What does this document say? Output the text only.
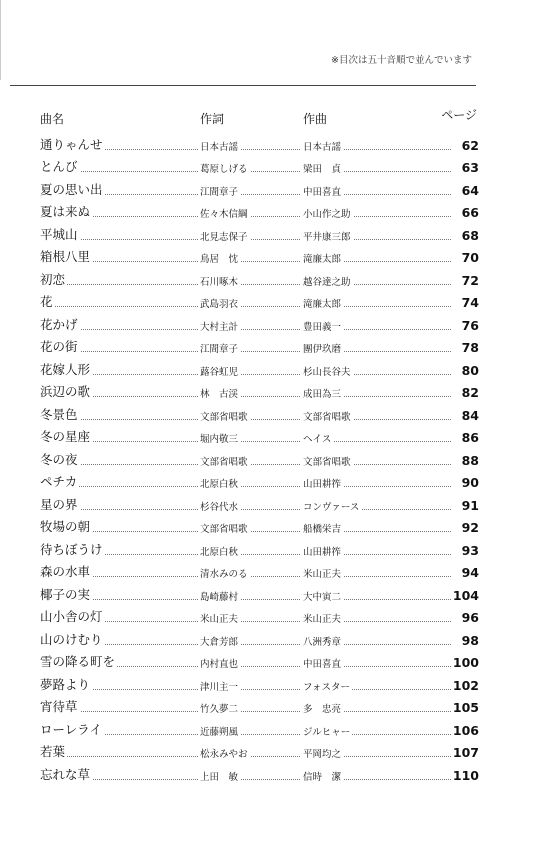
※目次は五十音順で並んでいます
曲名	作詞	作曲	ページ
通りゃんせ	日本古謡	日本古謡	62
とんび	葛原しげる	梁田　貞	63
夏の思い出	江間章子	中田喜直	64
夏は来ぬ	佐々木信綱	小山作之助	66
平城山	北見志保子	平井康三郎	68
箱根八里	鳥居　忱	滝廉太郎	70
初恋	石川啄木	越谷達之助	72
花	武島羽衣	滝廉太郎	74
花かげ	大村主計	豊田義一	76
花の街	江間章子	團伊玖磨	78
花嫁人形	蕗谷虹児	杉山長谷夫	80
浜辺の歌	林　古渓	成田為三	82
冬景色	文部省唱歌	文部省唱歌	84
冬の星座	堀内敬三	ヘイス	86
冬の夜	文部省唱歌	文部省唱歌	88
ペチカ	北原白秋	山田耕筰	90
星の界	杉谷代水	コンヴァース	91
牧場の朝	文部省唱歌	船橋栄吉	92
待ちぼうけ	北原白秋	山田耕筰	93
森の水車	清水みのる	米山正夫	94
椰子の実	島崎藤村	大中寅二	104
山小舎の灯	米山正夫	米山正夫	96
山のけむり	大倉芳郎	八洲秀章	98
雪の降る町を	内村直也	中田喜直	100
夢路より	津川主一	フォスター	102
宵待草	竹久夢二	多　忠亮	105
ローレライ	近藤朔風	ジルヒャー	106
若葉	松永みやお	平岡均之	107
忘れな草	上田　敏	信時　潔	110
